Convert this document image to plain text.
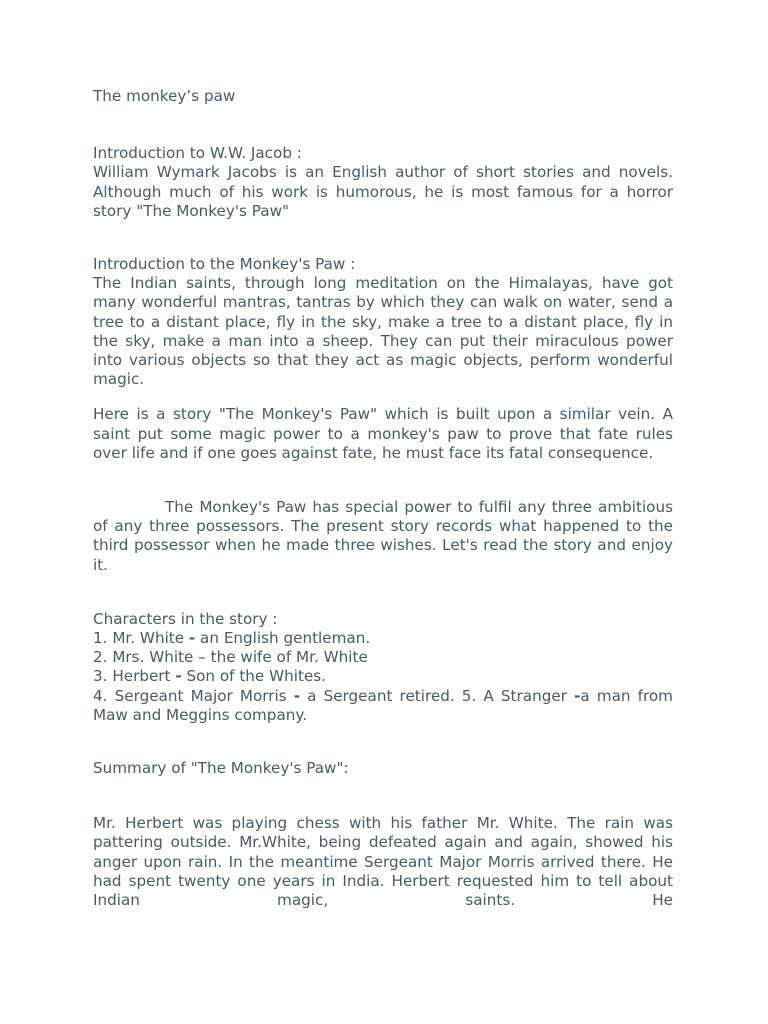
The monkey’s paw

Introduction to W.W. Jacob :

William Wymark Jacobs is an English author of short stories and novels. Although much of his work is humorous, he is most famous for a horror story "The Monkey's Paw"

Introduction to the Monkey's Paw :

The Indian saints, through long meditation on the Himalayas, have got many wonderful mantras, tantras by which they can walk on water, send a tree to a distant place, fly in the sky, make a tree to a distant place, fly in the sky, make a man into a sheep. They can put their miraculous power into various objects so that they act as magic objects, perform wonderful magic.

Here is a story "The Monkey's Paw" which is built upon a similar vein. A saint put some magic power to a monkey's paw to prove that fate rules over life and if one goes against fate, he must face its fatal consequence.

The Monkey's Paw has special power to fulfil any three ambitious of any three possessors. The present story records what happened to the third possessor when he made three wishes. Let's read the story and enjoy it.

Characters in the story :

1. Mr. White - an English gentleman.

2. Mrs. White – the wife of Mr. White

3. Herbert - Son of the Whites.

4. Sergeant Major Morris - a Sergeant retired. 5. A Stranger -a man from Maw and Meggins company.

Summary of "The Monkey's Paw":

Mr. Herbert was playing chess with his father Mr. White. The rain was pattering outside. Mr.White, being defeated again and again, showed his anger upon rain. In the meantime Sergeant Major Morris arrived there. He had spent twenty one years in India. Herbert requested him to tell about Indian magic, saints. He
